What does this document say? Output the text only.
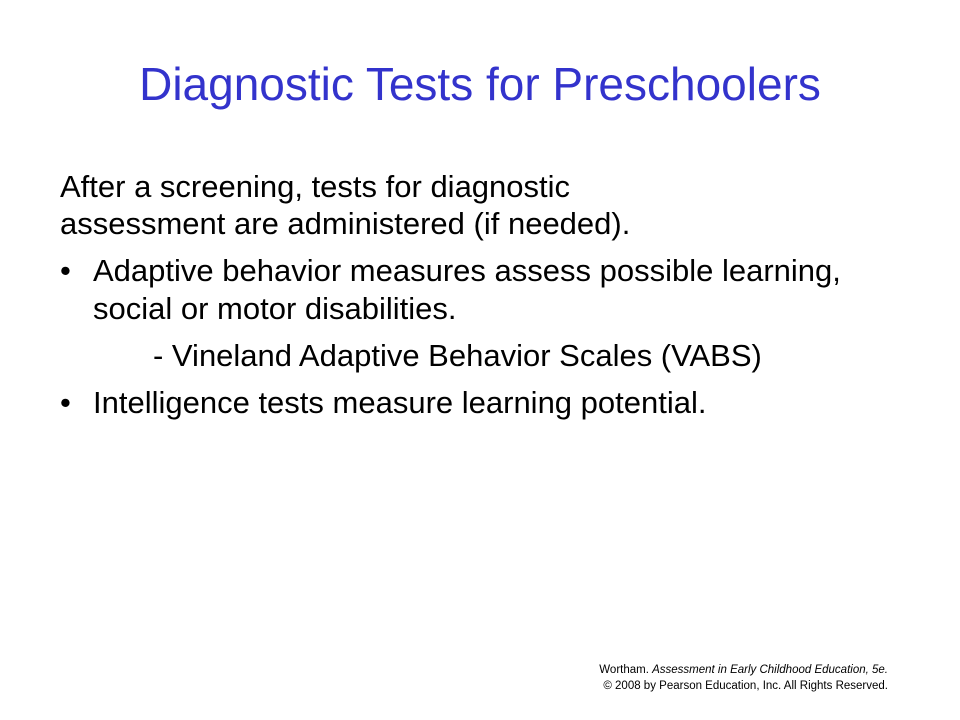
Diagnostic Tests for Preschoolers
After a screening, tests for diagnostic
assessment are administered (if needed).
• Adaptive behavior measures assess possible learning, social or motor disabilities.
- Vineland Adaptive Behavior Scales (VABS)
• Intelligence tests measure learning potential.
Wortham. Assessment in Early Childhood Education, 5e.
© 2008 by Pearson Education, Inc. All Rights Reserved.
